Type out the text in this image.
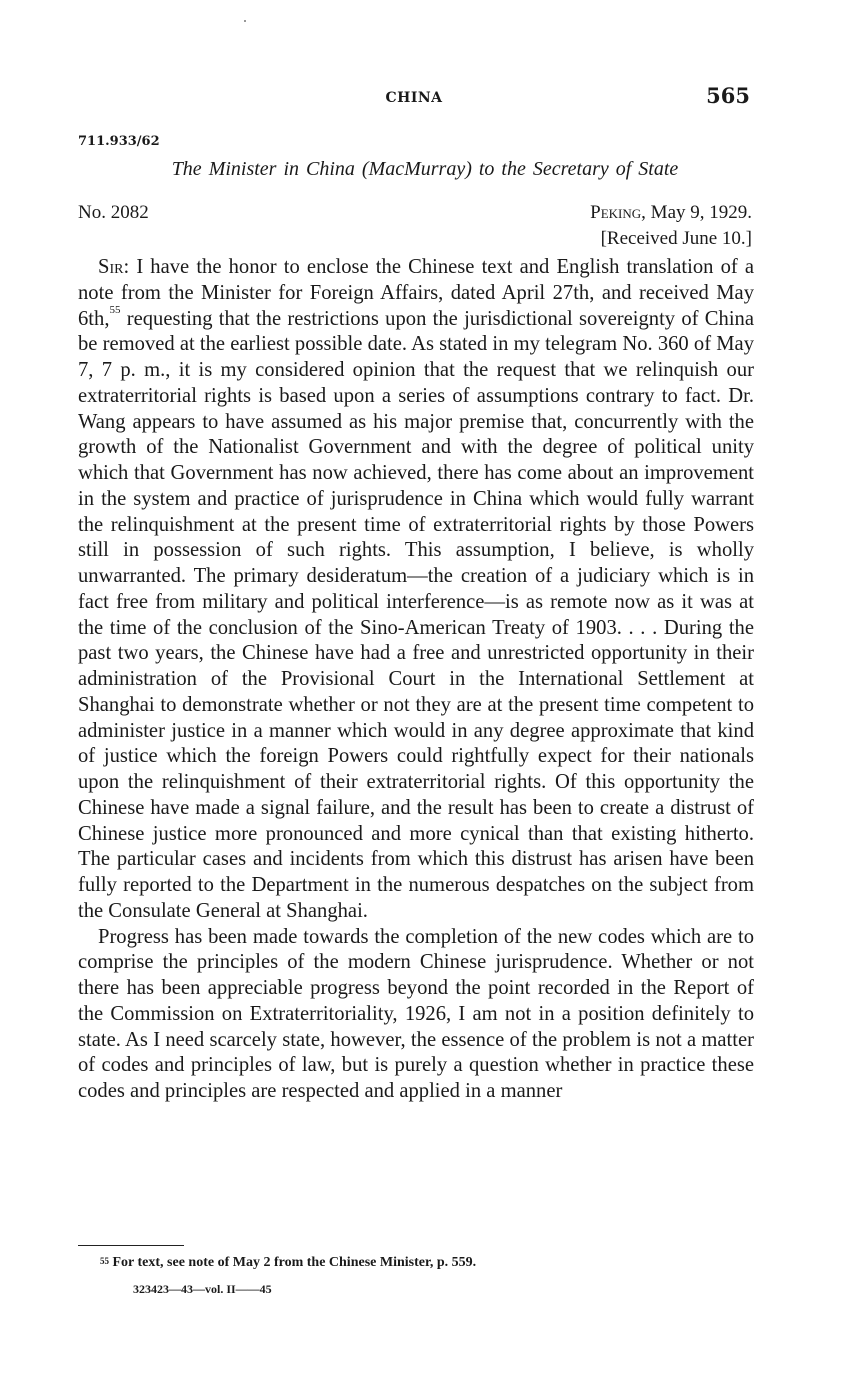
CHINA	565
711.933/62
The Minister in China (MacMurray) to the Secretary of State
No. 2082	Peking, May 9, 1929.
[Received June 10.]

Sir: I have the honor to enclose the Chinese text and English translation of a note from the Minister for Foreign Affairs, dated April 27th, and received May 6th,$^{55}$ requesting that the restrictions upon the jurisdictional sovereignty of China be removed at the earliest possible date. As stated in my telegram No. 360 of May 7, 7 p. m., it is my considered opinion that the request that we relinquish our extraterritorial rights is based upon a series of assumptions contrary to fact. Dr. Wang appears to have assumed as his major premise that, concurrently with the growth of the Nationalist Government and with the degree of political unity which that Government has now achieved, there has come about an improvement in the system and practice of jurisprudence in China which would fully warrant the relinquishment at the present time of extraterritorial rights by those Powers still in possession of such rights. This assumption, I believe, is wholly unwarranted. The primary desideratum—the creation of a judiciary which is in fact free from military and political interference—is as remote now as it was at the time of the conclusion of the Sino-American Treaty of 1903. . . . During the past two years, the Chinese have had a free and unrestricted opportunity in their administration of the Provisional Court in the International Settlement at Shanghai to demonstrate whether or not they are at the present time competent to administer justice in a manner which would in any degree approximate that kind of justice which the foreign Powers could rightfully expect for their nationals upon the relinquishment of their extraterritorial rights. Of this opportunity the Chinese have made a signal failure, and the result has been to create a distrust of Chinese justice more pronounced and more cynical than that existing hitherto. The particular cases and incidents from which this distrust has arisen have been fully reported to the Department in the numerous despatches on the subject from the Consulate General at Shanghai.

Progress has been made towards the completion of the new codes which are to comprise the principles of the modern Chinese jurisprudence. Whether or not there has been appreciable progress beyond the point recorded in the Report of the Commission on Extraterritoriality, 1926, I am not in a position definitely to state. As I need scarcely state, however, the essence of the problem is not a matter of codes and principles of law, but is purely a question whether in practice these codes and principles are respected and applied in a manner

$^{55}$ For text, see note of May 2 from the Chinese Minister, p. 559.
323423—43—vol. II——45
